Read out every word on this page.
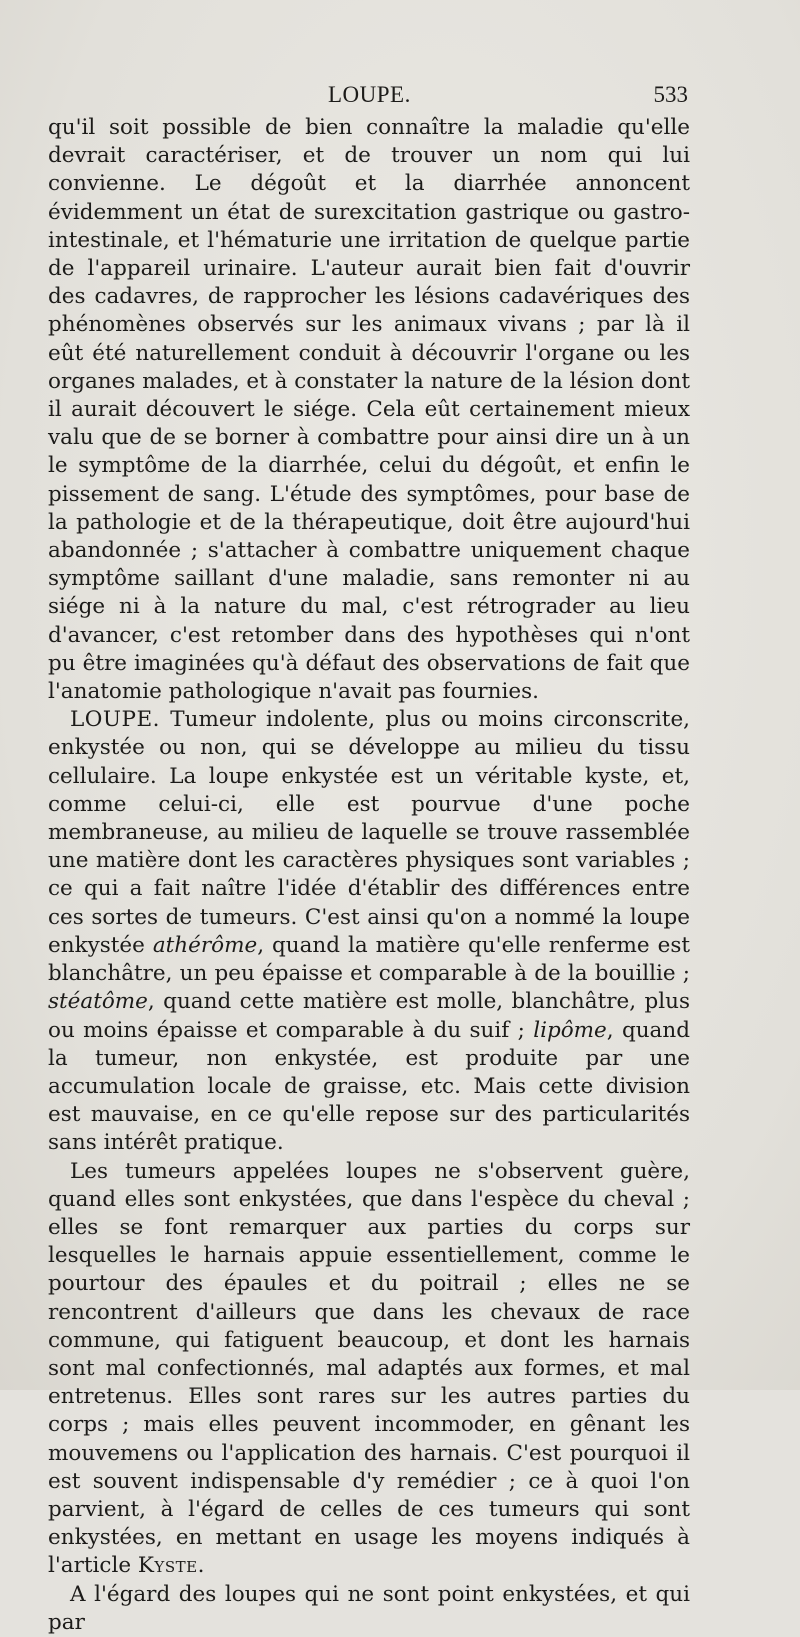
LOUPE.	533

qu'il soit possible de bien connaître la maladie qu'elle devrait caractériser, et de trouver un nom qui lui convienne. Le dégoût et la diarrhée annoncent évidemment un état de surexcitation gastrique ou gastro-intestinale, et l'hématurie une irritation de quelque partie de l'appareil urinaire. L'auteur aurait bien fait d'ouvrir des cadavres, de rapprocher les lésions cadavériques des phénomènes observés sur les animaux vivans ; par là il eût été naturellement conduit à découvrir l'organe ou les organes malades, et à constater la nature de la lésion dont il aurait découvert le siége. Cela eût certainement mieux valu que de se borner à combattre pour ainsi dire un à un le symptôme de la diarrhée, celui du dégoût, et enfin le pissement de sang. L'étude des symptômes, pour base de la pathologie et de la thérapeutique, doit être aujourd'hui abandonnée ; s'attacher à combattre uniquement chaque symptôme saillant d'une maladie, sans remonter ni au siége ni à la nature du mal, c'est rétrograder au lieu d'avancer, c'est retomber dans des hypothèses qui n'ont pu être imaginées qu'à défaut des observations de fait que l'anatomie pathologique n'avait pas fournies.

LOUPE. Tumeur indolente, plus ou moins circonscrite, enkystée ou non, qui se développe au milieu du tissu cellulaire. La loupe enkystée est un véritable kyste, et, comme celui-ci, elle est pourvue d'une poche membraneuse, au milieu de laquelle se trouve rassemblée une matière dont les caractères physiques sont variables ; ce qui a fait naître l'idée d'établir des différences entre ces sortes de tumeurs. C'est ainsi qu'on a nommé la loupe enkystée athérôme, quand la matière qu'elle renferme est blanchâtre, un peu épaisse et comparable à de la bouillie ; stéatôme, quand cette matière est molle, blanchâtre, plus ou moins épaisse et comparable à du suif ; lipôme, quand la tumeur, non enkystée, est produite par une accumulation locale de graisse, etc. Mais cette division est mauvaise, en ce qu'elle repose sur des particularités sans intérêt pratique.

Les tumeurs appelées loupes ne s'observent guère, quand elles sont enkystées, que dans l'espèce du cheval ; elles se font remarquer aux parties du corps sur lesquelles le harnais appuie essentiellement, comme le pourtour des épaules et du poitrail ; elles ne se rencontrent d'ailleurs que dans les chevaux de race commune, qui fatiguent beaucoup, et dont les harnais sont mal confectionnés, mal adaptés aux formes, et mal entretenus. Elles sont rares sur les autres parties du corps ; mais elles peuvent incommoder, en gênant les mouvemens ou l'application des harnais. C'est pourquoi il est souvent indispensable d'y remédier ; ce à quoi l'on parvient, à l'égard de celles de ces tumeurs qui sont enkystées, en mettant en usage les moyens indiqués à l'article Kyste.

A l'égard des loupes qui ne sont point enkystées, et qui par
